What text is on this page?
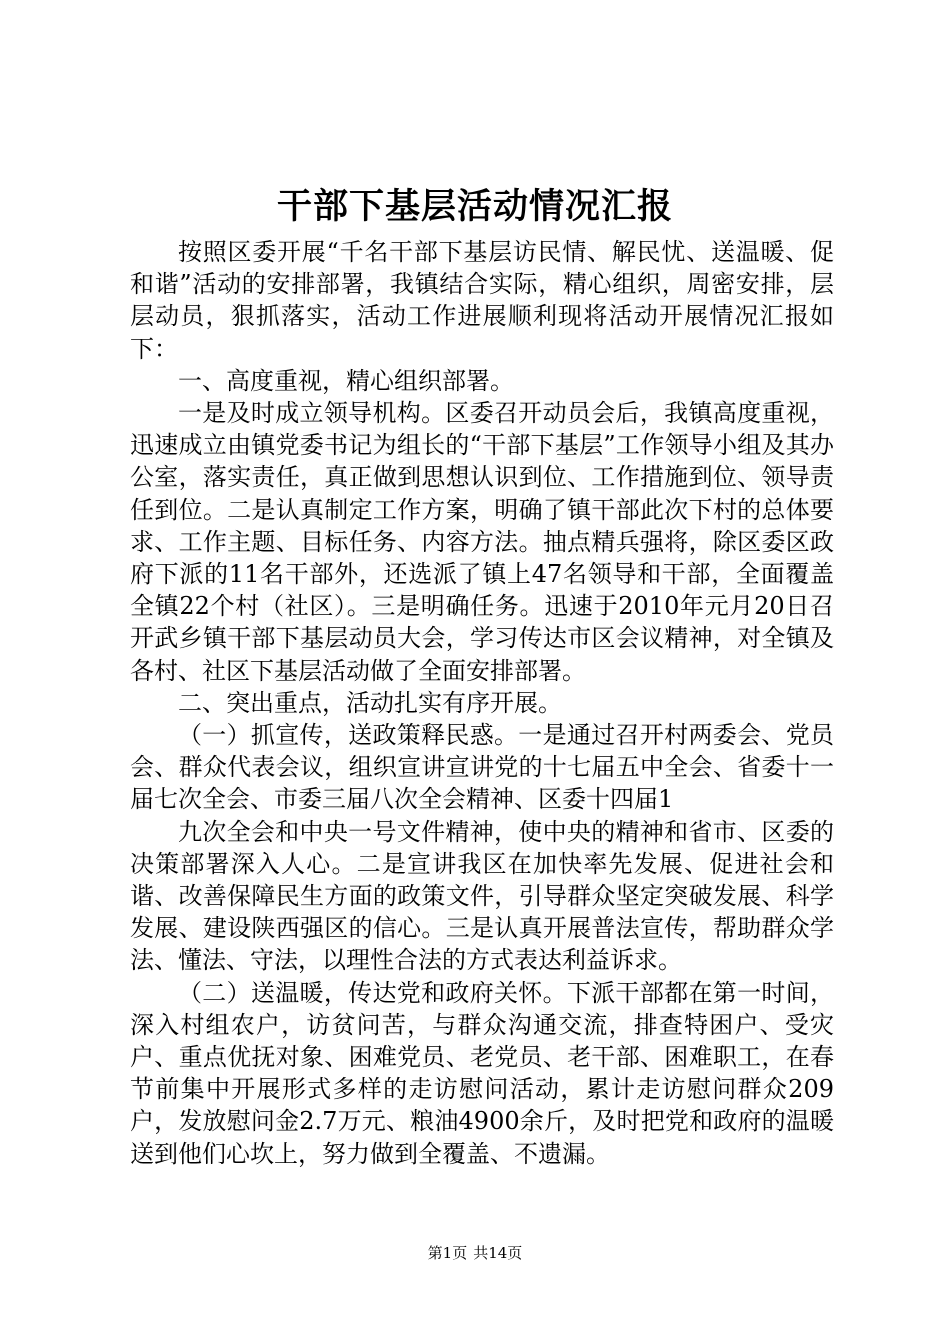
干部下基层活动情况汇报

按照区委开展“千名干部下基层访民情、解民忧、送温暖、促和谐”活动的安排部署，我镇结合实际，精心组织，周密安排，层层动员，狠抓落实，活动工作进展顺利现将活动开展情况汇报如下：

一、高度重视，精心组织部署。

一是及时成立领导机构。区委召开动员会后，我镇高度重视，迅速成立由镇党委书记为组长的“干部下基层”工作领导小组及其办公室，落实责任，真正做到思想认识到位、工作措施到位、领导责任到位。二是认真制定工作方案，明确了镇干部此次下村的总体要求、工作主题、目标任务、内容方法。抽点精兵强将，除区委区政府下派的11名干部外，还选派了镇上47名领导和干部，全面覆盖全镇22个村（社区）。三是明确任务。迅速于2010年元月20日召开武乡镇干部下基层动员大会，学习传达市区会议精神，对全镇及各村、社区下基层活动做了全面安排部署。

二、突出重点，活动扎实有序开展。

（一）抓宣传，送政策释民惑。一是通过召开村两委会、党员会、群众代表会议，组织宣讲宣讲党的十七届五中全会、省委十一届七次全会、市委三届八次全会精神、区委十四届1

九次全会和中央一号文件精神，使中央的精神和省市、区委的决策部署深入人心。二是宣讲我区在加快率先发展、促进社会和谐、改善保障民生方面的政策文件，引导群众坚定突破发展、科学发展、建设陕西强区的信心。三是认真开展普法宣传，帮助群众学法、懂法、守法，以理性合法的方式表达利益诉求。

（二）送温暖，传达党和政府关怀。下派干部都在第一时间，深入村组农户，访贫问苦，与群众沟通交流，排查特困户、受灾户、重点优抚对象、困难党员、老党员、老干部、困难职工，在春节前集中开展形式多样的走访慰问活动，累计走访慰问群众209户，发放慰问金2.7万元、粮油4900余斤，及时把党和政府的温暖送到他们心坎上，努力做到全覆盖、不遗漏。

第1页 共14页
